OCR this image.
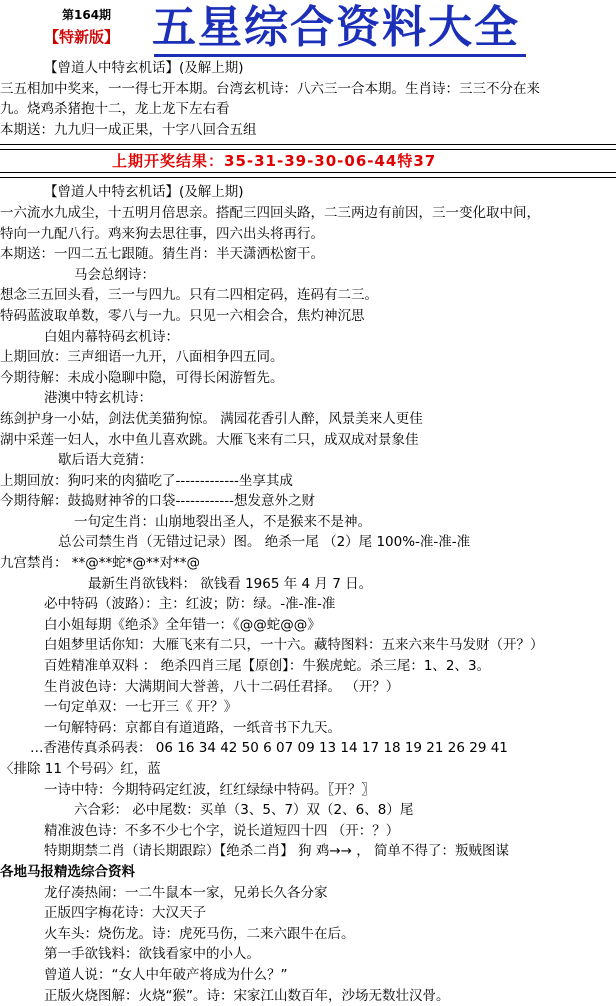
第164期
【特新版】 五星综合资料大全
【曾道人中特玄机话】(及解上期)
三五相加中奖来，一一得七开本期。台湾玄机诗：八六三一合本期。生肖诗：三三不分在来
九。烧鸡杀猪抱十二，龙上龙下左右看
本期送：九九归一成正果，十字八回合五组
上期开奖结果：35-31-39-30-06-44特37
【曾道人中特玄机话】(及解上期)
一六流水九成尘，十五明月倍思亲。搭配三四回头路，二三两边有前因，三一变化取中间，
特向一九配八行。鸡来狗去思往事，四六出头将再行。
本期送：一四二五七跟随。猜生肖：半天潇洒松窗干。
马会总纲诗：
想念三五回头看，三一与四九。只有二四相定码，连码有二三。
特码蓝波取单数，零八与一九。只见一六相会合，焦灼神沉思
白姐内幕特码玄机诗：
上期回放：三声细语一九开，八面相争四五同。
今期待解：未成小隐聊中隐，可得长闲游暂先。
港澳中特玄机诗：
练剑护身一小姑，剑法优美猫狗惊。 满园花香引人醉，风景美来人更佳
湖中采莲一妇人，水中鱼儿喜欢跳。大雁飞来有二只，成双成对景象佳
歇后语大竞猜：
上期回放：狗叼来的肉猫吃了-------------坐享其成
今期待解：鼓捣财神爷的口袋------------想发意外之财
一句定生肖：山崩地裂出圣人，不是猴来不是神。
总公司禁生肖（无错过记录）图。 绝杀一尾 （2）尾 100%-准-准-准
九宫禁肖： **@**蛇*@**对**@
最新生肖欲钱料： 欲钱看 1965 年 4 月 7 日。
必中特码（波路）：主：红波；防：绿。-准-准-准
白小姐每期《绝杀》全年错一：《@@蛇@@》
白姐梦里话你知：大雁飞来有二只，一十六。藏特图料：五来六来牛马发财（开？）
百姓精准单双料 ： 绝杀四肖三尾【原创】：牛猴虎蛇。杀三尾：1、2、3。
生肖波色诗：大满期间大誉善，八十二码任君择。 （开？）
一句定单双：一七开三《 开？》
一句解特码：京都自有道逍路，一纸音书下九天。
…香港传真杀码表： 06 16 34 42 50 6 07 09 13 14 17 18 19 21 26 29 41
〈排除 11 个号码〉红，蓝
一诗中特：今期特码定红波，红红绿绿中特码。〖开？〗
六合彩： 必中尾数：买单（3、5、7）双（2、6、8）尾
精准波色诗：不多不少七个字，说长道短四十四 （开：？）
特期期禁二肖（请长期跟踪）【绝杀二肖】 狗 鸡→→ ， 简单不得了：叛贼图谋
各地马报精选综合资料
龙仔凑热闹：一二牛鼠本一家，兄弟长久各分家
正版四字梅花诗：大汉天子
火车头：烧伤龙。诗：虎死马伤，二来六跟牛在后。
第一手欲钱料：欲钱看家中的小人。
曾道人说：“女人中年破产将成为什么？”
正版火烧图解：火烧“猴”。诗：宋家江山数百年，沙场无数壮汉骨。
